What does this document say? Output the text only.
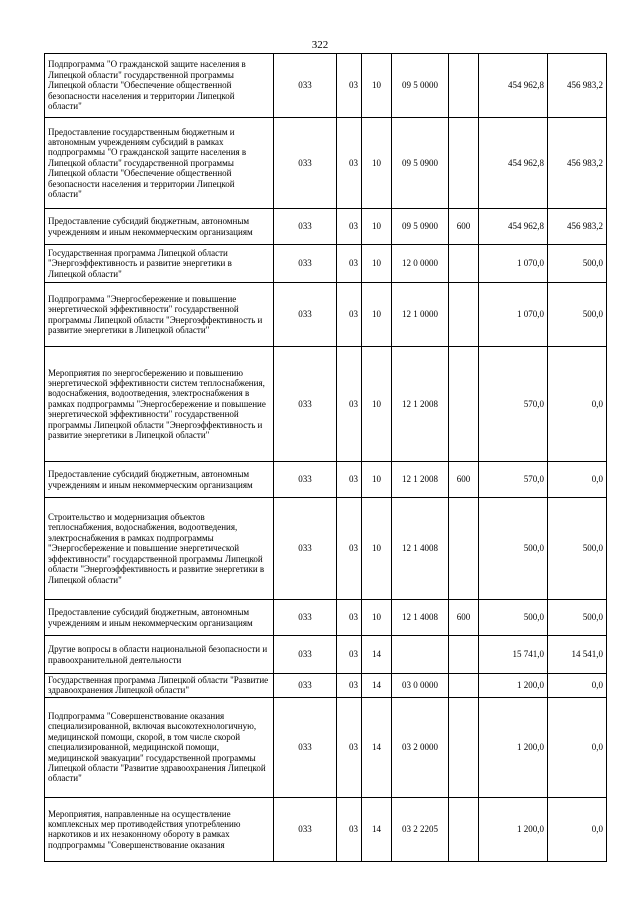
322
Подпрограмма "О гражданской защите населения в Липецкой области" государственной программы Липецкой области "Обеспечение общественной безопасности населения и территории Липецкой области"	033	03	10	09 5 0000		454 962,8	456 983,2
Предоставление государственным бюджетным и автономным учреждениям субсидий в рамках подпрограммы "О гражданской защите населения в Липецкой области" государственной программы Липецкой области "Обеспечение общественной безопасности населения и территории Липецкой области"	033	03	10	09 5 0900		454 962,8	456 983,2
Предоставление субсидий бюджетным, автономным учреждениям и иным некоммерческим организациям	033	03	10	09 5 0900	600	454 962,8	456 983,2
Государственная программа Липецкой области "Энергоэффективность и развитие энергетики в Липецкой области"	033	03	10	12 0 0000		1 070,0	500,0
Подпрограмма "Энергосбережение и повышение энергетической эффективности" государственной программы Липецкой области "Энергоэффективность и развитие энергетики в Липецкой области"	033	03	10	12 1 0000		1 070,0	500,0
Мероприятия по энергосбережению и повышению энергетической эффективности систем теплоснабжения, водоснабжения, водоотведения, электроснабжения в рамках подпрограммы "Энергосбережение и повышение энергетической эффективности" государственной программы Липецкой области "Энергоэффективность и развитие энергетики в Липецкой области"	033	03	10	12 1 2008		570,0	0,0
Предоставление субсидий бюджетным, автономным учреждениям и иным некоммерческим организациям	033	03	10	12 1 2008	600	570,0	0,0
Строительство и модернизация объектов теплоснабжения, водоснабжения, водоотведения, электроснабжения в рамках подпрограммы "Энергосбережение и повышение энергетической эффективности" государственной программы Липецкой области "Энергоэффективность и развитие энергетики в Липецкой области"	033	03	10	12 1 4008		500,0	500,0
Предоставление субсидий бюджетным, автономным учреждениям и иным некоммерческим организациям	033	03	10	12 1 4008	600	500,0	500,0
Другие вопросы в области национальной безопасности и правоохранительной деятельности	033	03	14			15 741,0	14 541,0
Государственная программа Липецкой области "Развитие здравоохранения Липецкой области"	033	03	14	03 0 0000		1 200,0	0,0
Подпрограмма "Совершенствование оказания специализированной, включая высокотехнологичную, медицинской помощи, скорой, в том числе скорой специализированной, медицинской помощи, медицинской эвакуации" государственной программы Липецкой области "Развитие здравоохранения Липецкой области"	033	03	14	03 2 0000		1 200,0	0,0
Мероприятия, направленные на осуществление комплексных мер противодействия употреблению наркотиков и их незаконному обороту в рамках подпрограммы "Совершенствование оказания	033	03	14	03 2 2205		1 200,0	0,0
